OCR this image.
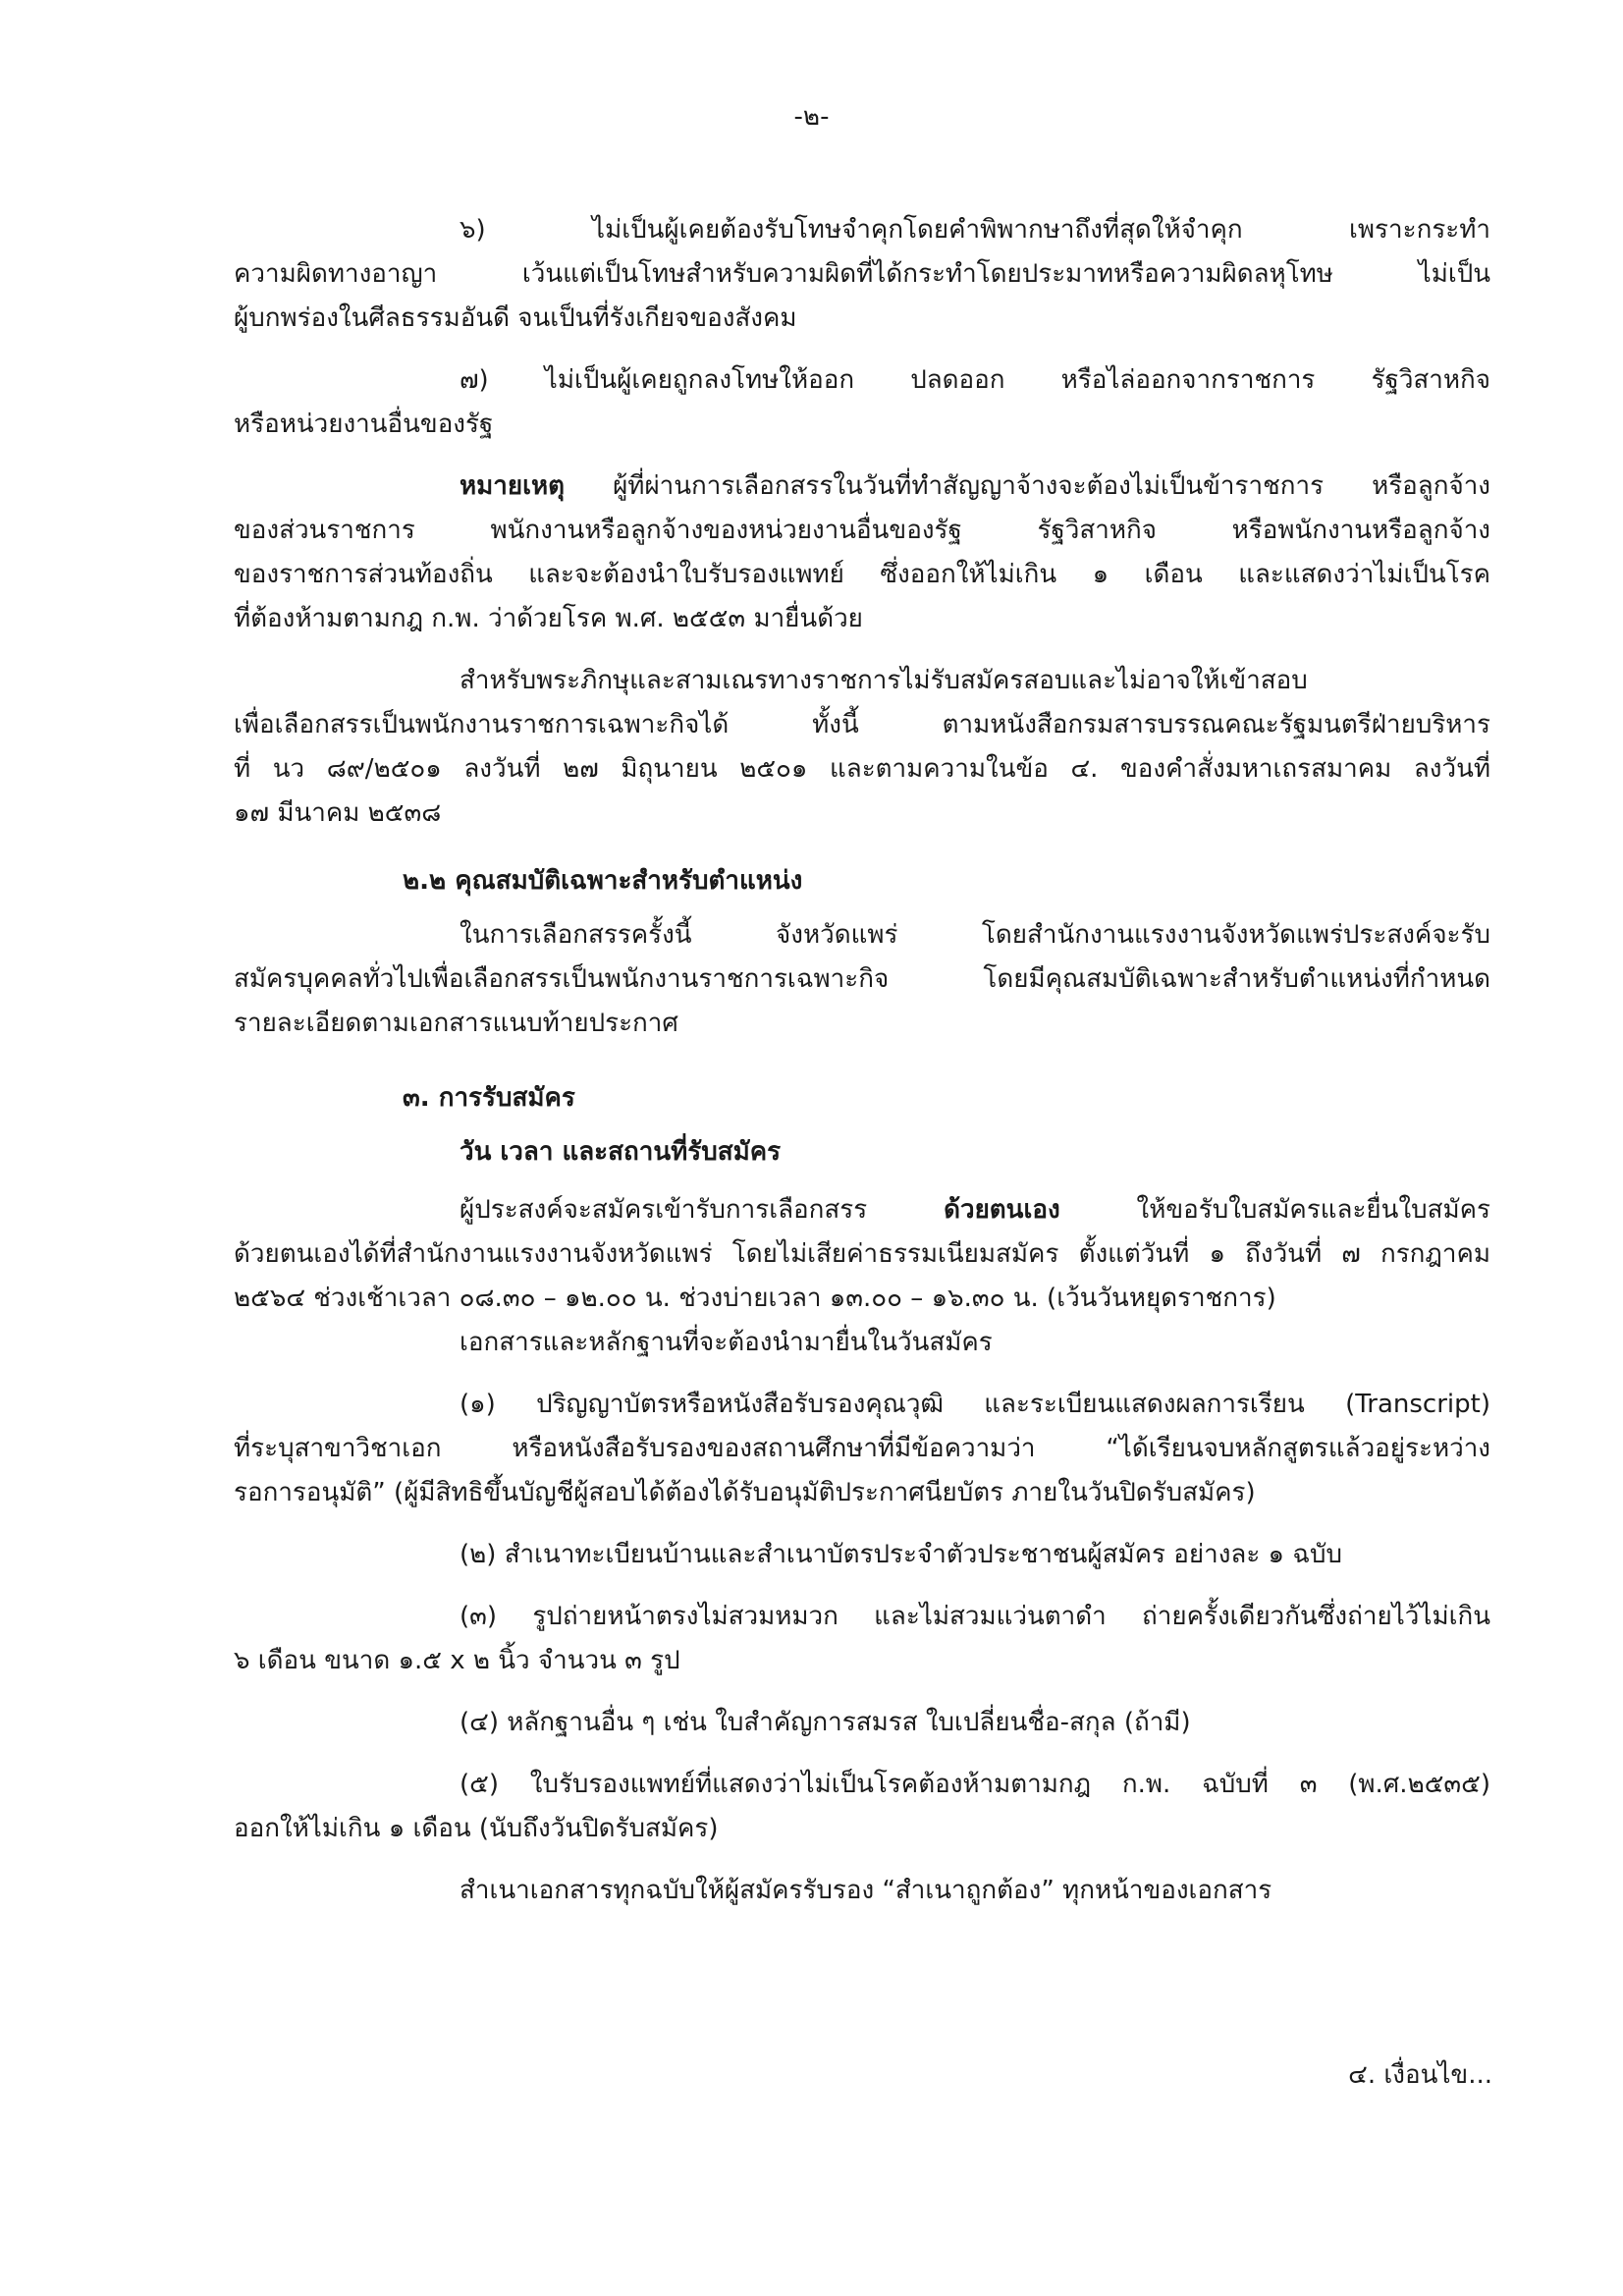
-๒-
๖) ไม่เป็นผู้เคยต้องรับโทษจำคุกโดยคำพิพากษาถึงที่สุดให้จำคุก เพราะกระทำ
ความผิดทางอาญา เว้นแต่เป็นโทษสำหรับความผิดที่ได้กระทำโดยประมาทหรือความผิดลหุโทษ ไม่เป็น
ผู้บกพร่องในศีลธรรมอันดี จนเป็นที่รังเกียจของสังคม
๗) ไม่เป็นผู้เคยถูกลงโทษให้ออก ปลดออก หรือไล่ออกจากราชการ รัฐวิสาหกิจ
หรือหน่วยงานอื่นของรัฐ
หมายเหตุ ผู้ที่ผ่านการเลือกสรรในวันที่ทำสัญญาจ้างจะต้องไม่เป็นข้าราชการ หรือลูกจ้าง
ของส่วนราชการ พนักงานหรือลูกจ้างของหน่วยงานอื่นของรัฐ รัฐวิสาหกิจ หรือพนักงานหรือลูกจ้าง
ของราชการส่วนท้องถิ่น และจะต้องนำใบรับรองแพทย์ ซึ่งออกให้ไม่เกิน ๑ เดือน และแสดงว่าไม่เป็นโรค
ที่ต้องห้ามตามกฎ ก.พ. ว่าด้วยโรค พ.ศ. ๒๕๕๓ มายื่นด้วย
สำหรับพระภิกษุและสามเณรทางราชการไม่รับสมัครสอบและไม่อาจให้เข้าสอบ
เพื่อเลือกสรรเป็นพนักงานราชการเฉพาะกิจได้ ทั้งนี้ ตามหนังสือกรมสารบรรณคณะรัฐมนตรีฝ่ายบริหาร
ที่ นว ๘๙/๒๕๐๑ ลงวันที่ ๒๗ มิถุนายน ๒๕๐๑ และตามความในข้อ ๔. ของคำสั่งมหาเถรสมาคม ลงวันที่
๑๗ มีนาคม ๒๕๓๘
๒.๒ คุณสมบัติเฉพาะสำหรับตำแหน่ง
ในการเลือกสรรครั้งนี้ จังหวัดแพร่ โดยสำนักงานแรงงานจังหวัดแพร่ประสงค์จะรับ
สมัครบุคคลทั่วไปเพื่อเลือกสรรเป็นพนักงานราชการเฉพาะกิจ โดยมีคุณสมบัติเฉพาะสำหรับตำแหน่งที่กำหนด
รายละเอียดตามเอกสารแนบท้ายประกาศ
๓. การรับสมัคร
วัน เวลา และสถานที่รับสมัคร
ผู้ประสงค์จะสมัครเข้ารับการเลือกสรร ด้วยตนเอง ให้ขอรับใบสมัครและยื่นใบสมัคร
ด้วยตนเองได้ที่สำนักงานแรงงานจังหวัดแพร่ โดยไม่เสียค่าธรรมเนียมสมัคร ตั้งแต่วันที่ ๑ ถึงวันที่ ๗ กรกฎาคม
๒๕๖๔ ช่วงเช้าเวลา ๐๘.๓๐ – ๑๒.๐๐ น. ช่วงบ่ายเวลา ๑๓.๐๐ – ๑๖.๓๐ น. (เว้นวันหยุดราชการ)
เอกสารและหลักฐานที่จะต้องนำมายื่นในวันสมัคร
(๑) ปริญญาบัตรหรือหนังสือรับรองคุณวุฒิ และระเบียนแสดงผลการเรียน (Transcript)
ที่ระบุสาขาวิชาเอก หรือหนังสือรับรองของสถานศึกษาที่มีข้อความว่า “ได้เรียนจบหลักสูตรแล้วอยู่ระหว่าง
รอการอนุมัติ” (ผู้มีสิทธิขึ้นบัญชีผู้สอบได้ต้องได้รับอนุมัติประกาศนียบัตร ภายในวันปิดรับสมัคร)
(๒) สำเนาทะเบียนบ้านและสำเนาบัตรประจำตัวประชาชนผู้สมัคร อย่างละ ๑ ฉบับ
(๓) รูปถ่ายหน้าตรงไม่สวมหมวก และไม่สวมแว่นตาดำ ถ่ายครั้งเดียวกันซึ่งถ่ายไว้ไม่เกิน
๖ เดือน ขนาด ๑.๕ x ๒ นิ้ว จำนวน ๓ รูป
(๔) หลักฐานอื่น ๆ เช่น ใบสำคัญการสมรส ใบเปลี่ยนชื่อ-สกุล (ถ้ามี)
(๕) ใบรับรองแพทย์ที่แสดงว่าไม่เป็นโรคต้องห้ามตามกฎ ก.พ. ฉบับที่ ๓ (พ.ศ.๒๕๓๕)
ออกให้ไม่เกิน ๑ เดือน (นับถึงวันปิดรับสมัคร)
สำเนาเอกสารทุกฉบับให้ผู้สมัครรับรอง “สำเนาถูกต้อง” ทุกหน้าของเอกสาร
๔. เงื่อนไข...
